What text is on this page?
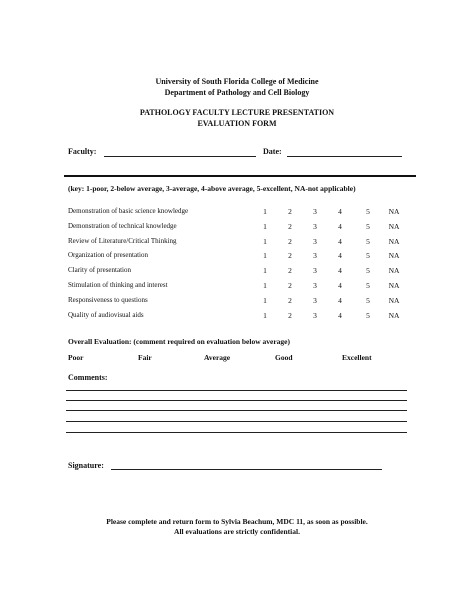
University of South Florida College of Medicine
Department of Pathology and Cell Biology
PATHOLOGY FACULTY LECTURE PRESENTATION
EVALUATION FORM
Faculty:	Date:
(key: 1-poor, 2-below average, 3-average, 4-above average, 5-excellent, NA-not applicable)
Demonstration of basic science knowledge	1	2	3	4	5	NA
Demonstration of technical knowledge	1	2	3	4	5	NA
Review of Literature/Critical Thinking	1	2	3	4	5	NA
Organization of presentation	1	2	3	4	5	NA
Clarity of presentation	1	2	3	4	5	NA
Stimulation of thinking and interest	1	2	3	4	5	NA
Responsiveness to questions	1	2	3	4	5	NA
Quality of audiovisual aids	1	2	3	4	5	NA
Overall Evaluation: (comment required on evaluation below average)
Poor	Fair	Average	Good	Excellent
Comments:
Signature:
Please complete and return form to Sylvia Beachum, MDC 11, as soon as possible.
All evaluations are strictly confidential.
